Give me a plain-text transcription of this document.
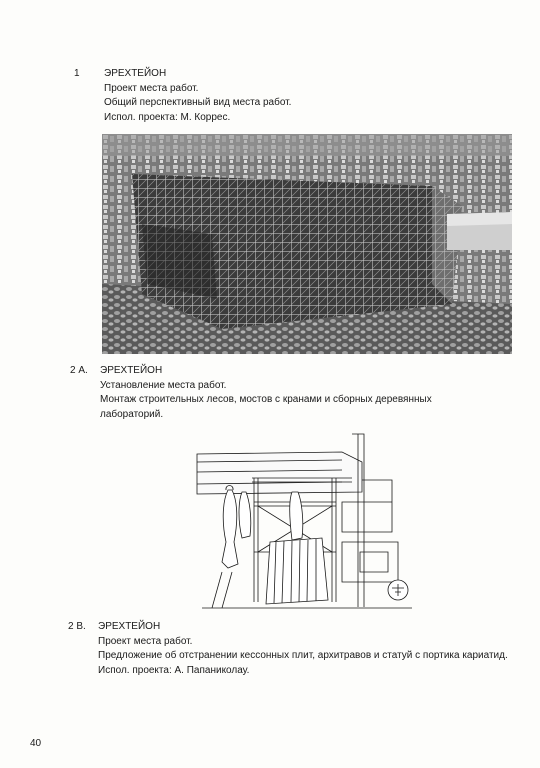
1 ЭРЕХТЕЙОН

Проект места работ.

Общий перспективный вид места работ.

Испол. проекта: М. Коррес.

2 А. ЭРЕХТЕЙОН

Установление места работ.

Монтаж строительных лесов, мостов с кранами и сборных деревянных лабораторий.

2 В. ЭРЕХТЕЙОН

Проект места работ.

Предложение об отстранении кессонных плит, архитравов и статуй с портика кариатид.

Испол. проекта: А. Папаниколау.

40
